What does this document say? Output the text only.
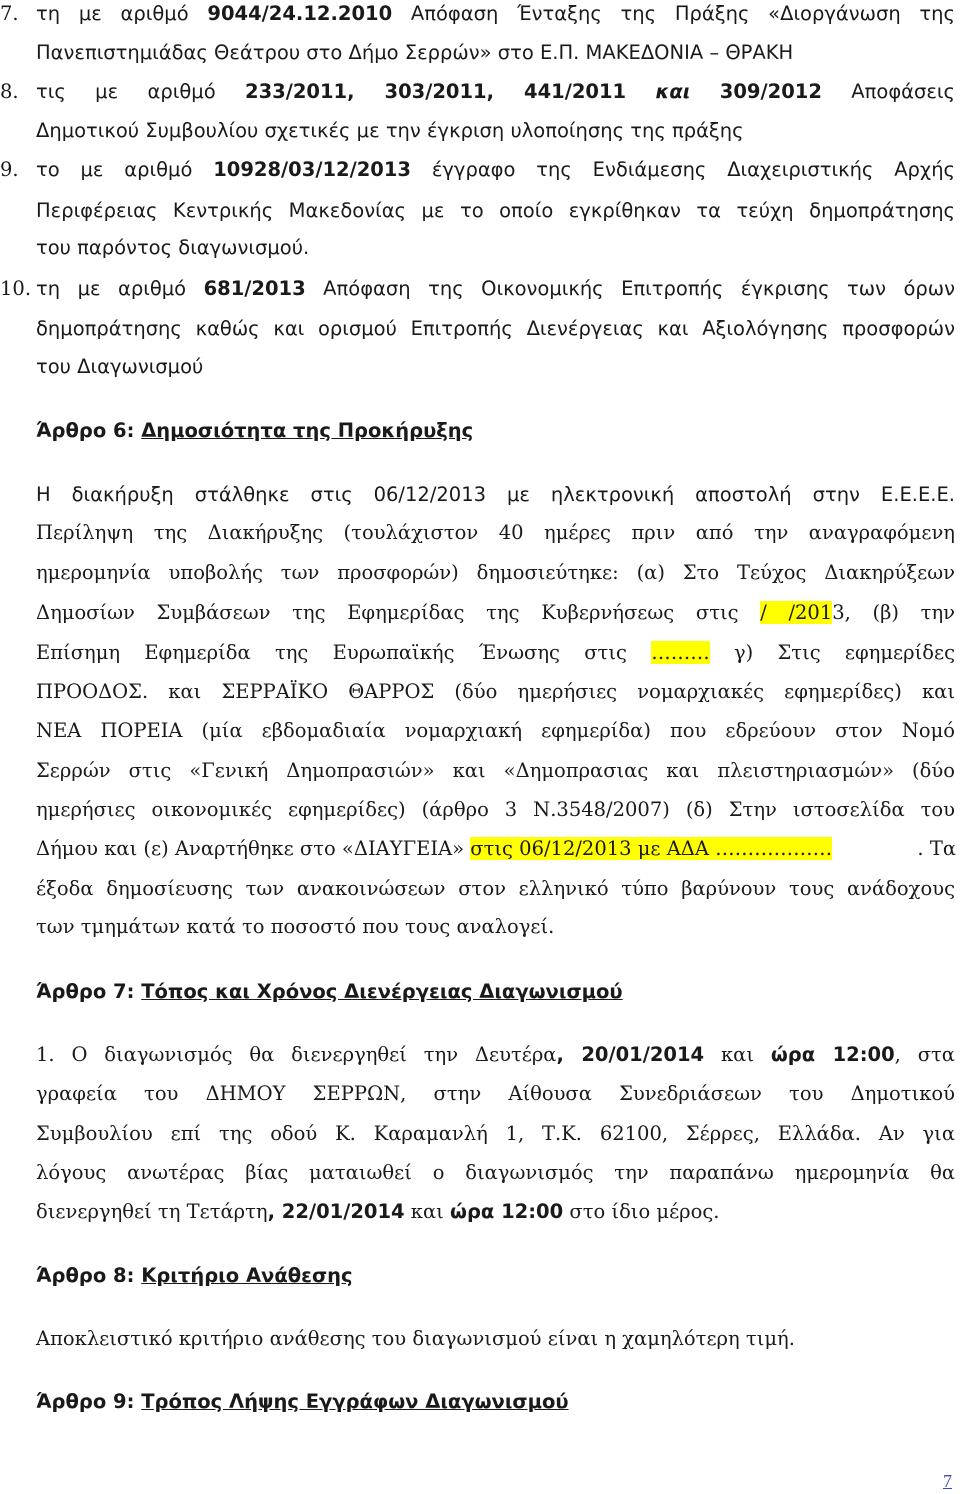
7. τη με αριθμό 9044/24.12.2010 Απόφαση Ένταξης της Πράξης «Διοργάνωση της
Πανεπιστημιάδας Θεάτρου στο Δήμο Σερρών» στο Ε.Π. ΜΑΚΕΔΟΝΙΑ – ΘΡΑΚΗ
8. τις με αριθμό 233/2011, 303/2011, 441/2011 και 309/2012 Αποφάσεις
Δημοτικού Συμβουλίου σχετικές με την έγκριση υλοποίησης της πράξης
9. το με αριθμό 10928/03/12/2013 έγγραφο της Ενδιάμεσης Διαχειριστικής Αρχής
Περιφέρειας Κεντρικής Μακεδονίας με το οποίο εγκρίθηκαν τα τεύχη δημοπράτησης
του παρόντος διαγωνισμού.
10. τη με αριθμό 681/2013 Απόφαση της Οικονομικής Επιτροπής έγκρισης των όρων
δημοπράτησης καθώς και ορισμού Επιτροπής Διενέργειας και Αξιολόγησης προσφορών
του Διαγωνισμού
Άρθρο 6: Δημοσιότητα της Προκήρυξης
Η διακήρυξη στάλθηκε στις 06/12/2013 με ηλεκτρονική αποστολή στην Ε.Ε.Ε.Ε.
Περίληψη της Διακήρυξης (τουλάχιστον 40 ημέρες πριν από την αναγραφόμενη
ημερομηνία υποβολής των προσφορών) δημοσιεύτηκε: (α) Στο Τεύχος Διακηρύξεων
Δημοσίων Συμβάσεων της Εφημερίδας της Κυβερνήσεως στις / /2013, (β) την
Επίσημη Εφημερίδα της Ευρωπαϊκής Ένωσης στις ……… γ) Στις εφημερίδες
ΠΡΟΟΔΟΣ. και ΣΕΡΡΑΪΚΟ ΘΑΡΡΟΣ (δύο ημερήσιες νομαρχιακές εφημερίδες) και
ΝΕΑ ΠΟΡΕΙΑ (μία εβδομαδιαία νομαρχιακή εφημερίδα) που εδρεύουν στον Νομό
Σερρών στις «Γενική Δημοπρασιών» και «Δημοπρασιας και πλειστηριασμών» (δύο
ημερήσιες οικονομικές εφημερίδες) (άρθρο 3 Ν.3548/2007) (δ) Στην ιστοσελίδα του
Δήμου και (ε) Αναρτήθηκε στο «ΔΙΑΥΓΕΙΑ» στις 06/12/2013 με ΑΔΑ ………………	. Τα
έξοδα δημοσίευσης των ανακοινώσεων στον ελληνικό τύπο βαρύνουν τους ανάδοχους
των τμημάτων κατά το ποσοστό που τους αναλογεί.
Άρθρο 7: Τόπος και Χρόνος Διενέργειας Διαγωνισμού
1. Ο διαγωνισμός θα διενεργηθεί την Δευτέρα, 20/01/2014 και ώρα 12:00, στα
γραφεία του ΔΗΜΟΥ ΣΕΡΡΩΝ, στην Αίθουσα Συνεδριάσεων του Δημοτικού
Συμβουλίου επί της οδού Κ. Καραμανλή 1, Τ.Κ. 62100, Σέρρες, Ελλάδα. Αν για
λόγους ανωτέρας βίας ματαιωθεί ο διαγωνισμός την παραπάνω ημερομηνία θα
διενεργηθεί τη Τετάρτη, 22/01/2014 και ώρα 12:00 στο ίδιο μέρος.
Άρθρο 8: Κριτήριο Ανάθεσης
Αποκλειστικό κριτήριο ανάθεσης του διαγωνισμού είναι η χαμηλότερη τιμή.
Άρθρο 9: Τρόπος Λήψης Εγγράφων Διαγωνισμού
7
